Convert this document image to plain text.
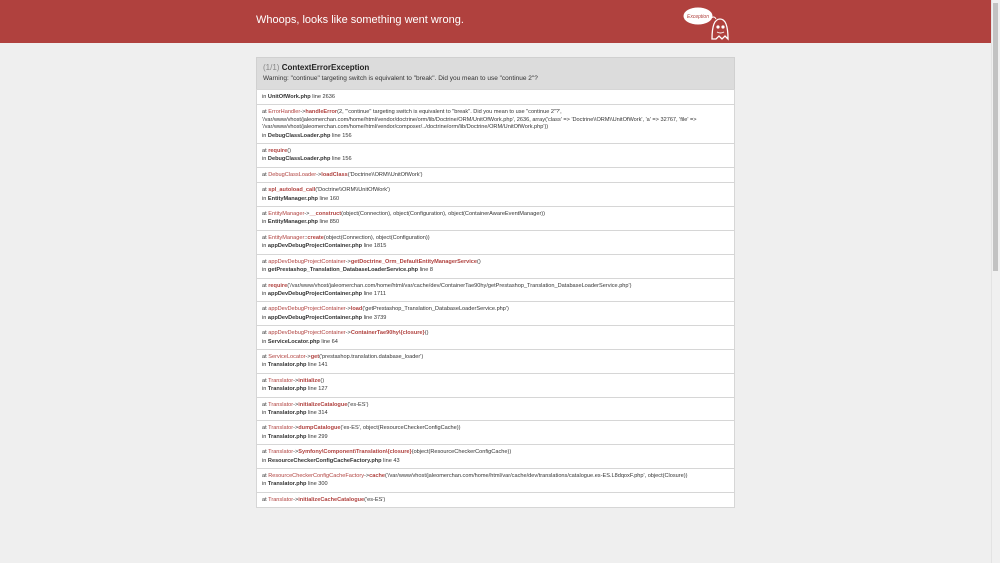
Whoops, looks like something went wrong.	Exception
(1/1) ContextErrorException
Warning: "continue" targeting switch is equivalent to "break". Did you mean to use "continue 2"?
in UnitOfWork.php line 2636
at ErrorHandler->handleError(2, '"continue" targeting switch is equivalent to "break". Did you mean to use "continue 2"?', '/var/www/vhost/jaleomerchan.com/home/html/vendor/doctrine/orm/lib/Doctrine/ORM/UnitOfWork.php', 2636, array('class' => 'Doctrine\\ORM\\UnitOfWork', 'a' => 32767, 'file' => '/var/www/vhost/jaleomerchan.com/home/html/vendor/composer/../doctrine/orm/lib/Doctrine/ORM/UnitOfWork.php'))
in DebugClassLoader.php line 156
at require()
in DebugClassLoader.php line 156
at DebugClassLoader->loadClass('Doctrine\\ORM\\UnitOfWork')
at spl_autoload_call('Doctrine\\ORM\\UnitOfWork')
in EntityManager.php line 160
at EntityManager->__construct(object(Connection), object(Configuration), object(ContainerAwareEventManager))
in EntityManager.php line 850
at EntityManager::create(object(Connection), object(Configuration))
in appDevDebugProjectContainer.php line 1815
at appDevDebugProjectContainer->getDoctrine_Orm_DefaultEntityManagerService()
in getPrestashop_Translation_DatabaseLoaderService.php line 8
at require('/var/www/vhost/jaleomerchan.com/home/html/var/cache/dev/ContainerTae90hy/getPrestashop_Translation_DatabaseLoaderService.php')
in appDevDebugProjectContainer.php line 1711
at appDevDebugProjectContainer->load('getPrestashop_Translation_DatabaseLoaderService.php')
in appDevDebugProjectContainer.php line 3739
at appDevDebugProjectContainer->ContainerTae90hy\{closure}()
in ServiceLocator.php line 64
at ServiceLocator->get('prestashop.translation.database_loader')
in Translator.php line 141
at Translator->initialize()
in Translator.php line 127
at Translator->initializeCatalogue('es-ES')
in Translator.php line 314
at Translator->dumpCatalogue('es-ES', object(ResourceCheckerConfigCache))
in Translator.php line 299
at Translator->Symfony\Component\Translation\{closure}(object(ResourceCheckerConfigCache))
in ResourceCheckerConfigCacheFactory.php line 43
at ResourceCheckerConfigCacheFactory->cache('/var/www/vhost/jaleomerchan.com/home/html/var/cache/dev/translations/catalogue.es-ES.L8dqoxF.php', object(Closure))
in Translator.php line 300
at Translator->initializeCacheCatalogue('es-ES')
